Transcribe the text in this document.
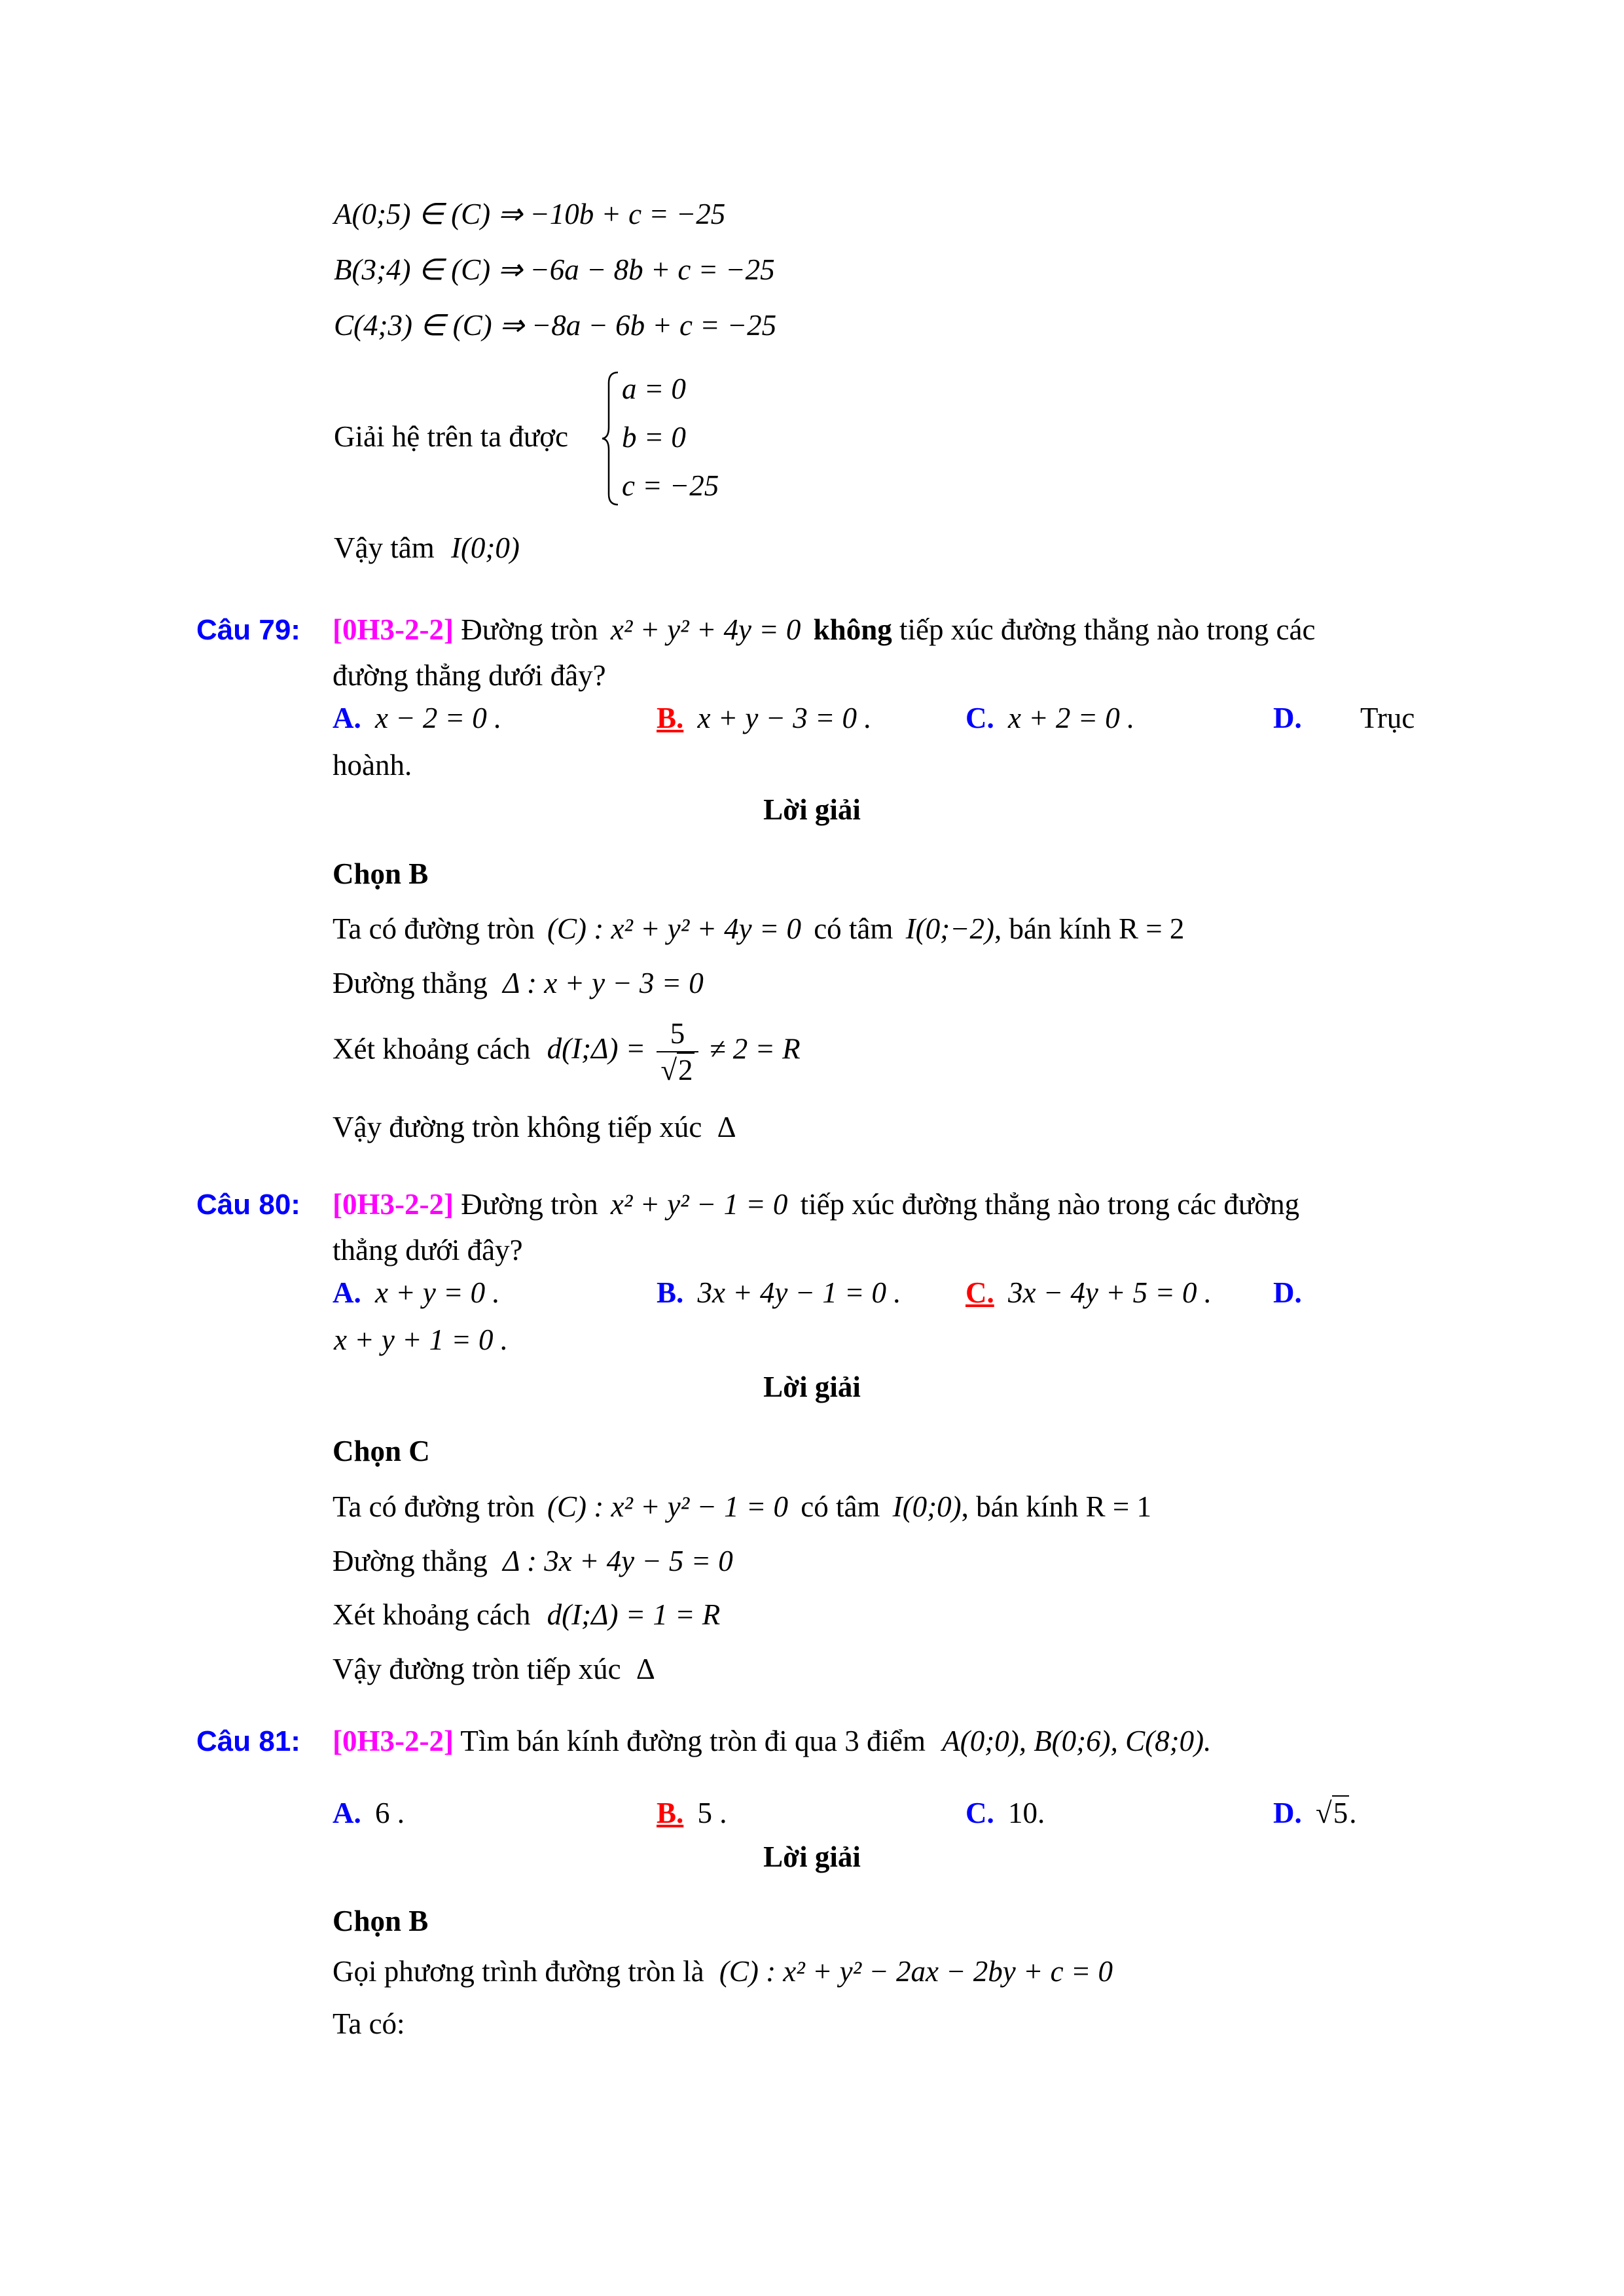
A(0;5) ∈ (C) ⇒ −10b + c = −25
B(3;4) ∈ (C) ⇒ −6a − 8b + c = −25
C(4;3) ∈ (C) ⇒ −8a − 6b + c = −25
Giải hệ trên ta được
a = 0
b = 0
c = −25
Vậy tâm I(0;0)
Câu 79: [0H3-2-2] Đường tròn x² + y² + 4y = 0 không tiếp xúc đường thẳng nào trong các
đường thẳng dưới đây?
A. x − 2 = 0 .	B. x + y − 3 = 0 .	C. x + 2 = 0 .	D. Trục
hoành.
Lời giải
Chọn B
Ta có đường tròn (C) : x² + y² + 4y = 0 có tâm I(0;−2), bán kính R = 2
Đường thẳng Δ : x + y − 3 = 0
Xét khoảng cách d(I;Δ) = $\frac{5}{√2} \ne 2 = R$
Vậy đường tròn không tiếp xúc Δ
Câu 80: [0H3-2-2] Đường tròn x² + y² − 1 = 0 tiếp xúc đường thẳng nào trong các đường
thẳng dưới đây?
A. x + y = 0 .	B. 3x + 4y − 1 = 0 . C. 3x − 4y + 5 = 0 . D.
x + y + 1 = 0 .
Lời giải
Chọn C
Ta có đường tròn (C) : x² + y² − 1 = 0 có tâm I(0;0), bán kính R = 1
Đường thẳng Δ : 3x + 4y − 5 = 0
Xét khoảng cách d(I;Δ) = 1 = R
Vậy đường tròn tiếp xúc Δ
Câu 81: [0H3-2-2] Tìm bán kính đường tròn đi qua 3 điểm A(0;0), B(0;6), C(8;0).
A. 6 .	B. 5 .	C. 10.	D. √5.
Lời giải
Chọn B
Gọi phương trình đường tròn là (C) : x² + y² − 2ax − 2by + c = 0
Ta có:
